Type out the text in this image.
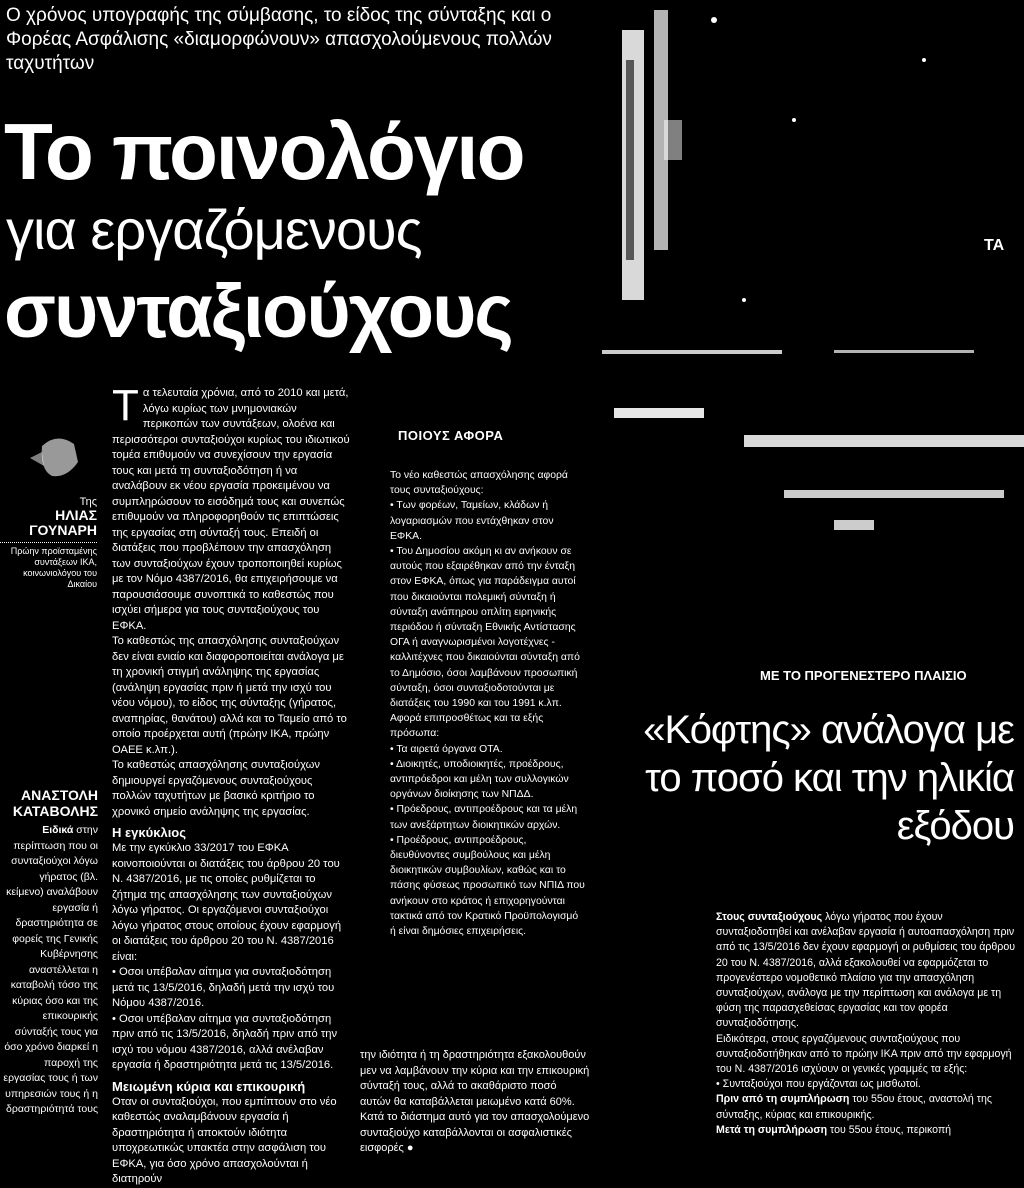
Ο χρόνος υπογραφής της σύμβασης, το είδος της σύνταξης και ο Φορέας Ασφάλισης «διαμορφώνουν» απασχολούμενους πολλών ταχυτήτων
Το ποινολόγιο
για εργαζόμενους
συνταξιούχους
TA
Της
ΗΛΙΑΣ
ΓΟΥΝΑΡΗ
Πρώην προϊσταμένης συντάξεων ΙΚΑ, κοινωνιολόγου του Δικαίου
ΑΝΑΣΤΟΛΗ ΚΑΤΑΒΟΛΗΣ
Ειδικά στην περίπτωση που οι συνταξιούχοι λόγω γήρατος (βλ. κείμενο) αναλάβουν εργασία ή δραστηριότητα σε φορείς της Γενικής Κυβέρνησης αναστέλλεται η καταβολή τόσο της κύριας όσο και της επικουρικής σύνταξής τους για όσο χρόνο διαρκεί η παροχή της εργασίας τους ή των υπηρεσιών τους ή η δραστηριότητά τους
Τ α τελευταία χρόνια, από το 2010 και μετά, λόγω κυρίως των μνημονιακών περικοπών των συντάξεων, ολοένα και περισσότεροι συνταξιούχοι κυρίως του ιδιωτικού τομέα επιθυμούν να συνεχίσουν την εργασία τους και μετά τη συνταξιοδότηση ή να αναλάβουν εκ νέου εργασία προκειμένου να συμπληρώσουν το εισόδημά τους και συνεπώς επιθυμούν να πληροφορηθούν τις επιπτώσεις της εργασίας στη σύνταξή τους. Επειδή οι διατάξεις που προβλέπουν την απασχόληση των συνταξιούχων έχουν τροποποιηθεί κυρίως με τον Νόμο 4387/2016, θα επιχειρήσουμε να παρουσιάσουμε συνοπτικά το καθεστώς που ισχύει σήμερα για τους συνταξιούχους του ΕΦΚΑ.

Το καθεστώς της απασχόλησης συνταξιούχων δεν είναι ενιαίο και διαφοροποιείται ανάλογα με τη χρονική στιγμή ανάληψης της εργασίας (ανάληψη εργασίας πριν ή μετά την ισχύ του νέου νόμου), το είδος της σύνταξης (γήρατος, αναπηρίας, θανάτου) αλλά και το Ταμείο από το οποίο προέρχεται αυτή (πρώην ΙΚΑ, πρώην ΟΑΕΕ κ.λπ.).

Το καθεστώς απασχόλησης συνταξιούχων δημιουργεί εργαζόμενους συνταξιούχους πολλών ταχυτήτων με βασικό κριτήριο το χρονικό σημείο ανάληψης της εργασίας.

Η εγκύκλιος

Με την εγκύκλιο 33/2017 του ΕΦΚΑ κοινοποιούνται οι διατάξεις του άρθρου 20 του Ν. 4387/2016, με τις οποίες ρυθμίζεται το ζήτημα της απασχόλησης των συνταξιούχων λόγω γήρατος. Οι εργαζόμενοι συνταξιούχοι λόγω γήρατος στους οποίους έχουν εφαρμογή οι διατάξεις του άρθρου 20 του Ν. 4387/2016 είναι:

• Οσοι υπέβαλαν αίτημα για συνταξιοδότηση μετά τις 13/5/2016, δηλαδή μετά την ισχύ του Νόμου 4387/2016.

• Οσοι υπέβαλαν αίτημα για συνταξιοδότηση πριν από τις 13/5/2016, δηλαδή πριν από την ισχύ του νόμου 4387/2016, αλλά ανέλαβαν εργασία ή δραστηριότητα μετά τις 13/5/2016.

Μειωμένη κύρια και επικουρική

Οταν οι συνταξιούχοι, που εμπίπτουν στο νέο καθεστώς αναλαμβάνουν εργασία ή δραστηριότητα ή αποκτούν ιδιότητα υποχρεωτικώς υπακτέα στην ασφάλιση του ΕΦΚΑ, για όσο χρόνο απασχολούνται ή διατηρούν

ΠΟΙΟΥΣ ΑΦΟΡΑ

Το νέο καθεστώς απασχόλησης αφορά τους συνταξιούχους:

• Των φορέων, Ταμείων, κλάδων ή λογαριασμών που εντάχθηκαν στον ΕΦΚΑ.

• Του Δημοσίου ακόμη κι αν ανήκουν σε αυτούς που εξαιρέθηκαν από την ένταξη στον ΕΦΚΑ, όπως για παράδειγμα αυτοί που δικαιούνται πολεμική σύνταξη ή σύνταξη ανάπηρου οπλίτη ειρηνικής περιόδου ή σύνταξη Εθνικής Αντίστασης ΟΓΑ ή αναγνωρισμένοι λογοτέχνες - καλλιτέχνες που δικαιούνται σύνταξη από το Δημόσιο, όσοι λαμβάνουν προσωπική σύνταξη, όσοι συνταξιοδοτούνται με διατάξεις του 1990 και του 1991 κ.λπ.

Αφορά επιπροσθέτως και τα εξής πρόσωπα:

• Τα αιρετά όργανα ΟΤΑ.

• Διοικητές, υποδιοικητές, προέδρους, αντιπρόεδροι και μέλη των συλλογικών οργάνων διοίκησης των ΝΠΔΔ.

• Πρόεδρους, αντιπροέδρους και τα μέλη των ανεξάρτητων διοικητικών αρχών.

• Προέδρους, αντιπροέδρους, διευθύνοντες συμβούλους και μέλη διοικητικών συμβουλίων, καθώς και το πάσης φύσεως προσωπικό των ΝΠΙΔ που ανήκουν στο κράτος ή επιχορηγούνται τακτικά από τον Κρατικό Προϋπολογισμό ή είναι δημόσιες επιχειρήσεις.

την ιδιότητα ή τη δραστηριότητα εξακολουθούν μεν να λαμβάνουν την κύρια και την επικουρική σύνταξή τους, αλλά το ακαθάριστο ποσό αυτών θα καταβάλλεται μειωμένο κατά 60%. Κατά το διάστημα αυτό για τον απασχολούμενο συνταξιούχο καταβάλλονται οι ασφαλιστικές εισφορές ●
ΜΕ ΤΟ ΠΡΟΓΕΝΕΣΤΕΡΟ ΠΛΑΙΣΙΟ
«Κόφτης» ανάλογα με το ποσό και την ηλικία εξόδου

Στους συνταξιούχους λόγω γήρατος που έχουν συνταξιοδοτηθεί και ανέλαβαν εργασία ή αυτοαπασχόληση πριν από τις 13/5/2016 δεν έχουν εφαρμογή οι ρυθμίσεις του άρθρου 20 του Ν. 4387/2016, αλλά εξακολουθεί να εφαρμόζεται το προγενέστερο νομοθετικό πλαίσιο για την απασχόληση συνταξιούχων, ανάλογα με την περίπτωση και ανάλογα με τη φύση της παρασχεθείσας εργασίας και τον φορέα συνταξιοδότησης.

Ειδικότερα, στους εργαζόμενους συνταξιούχους που συνταξιοδοτήθηκαν από το πρώην ΙΚΑ πριν από την εφαρμογή του Ν. 4387/2016 ισχύουν οι γενικές γραμμές τα εξής:

• Συνταξιούχοι που εργάζονται ως μισθωτοί.

Πριν από τη συμπλήρωση του 55ου έτους, αναστολή της σύνταξης, κύριας και επικουρικής.

Μετά τη συμπλήρωση του 55ου έτους, περικοπή
